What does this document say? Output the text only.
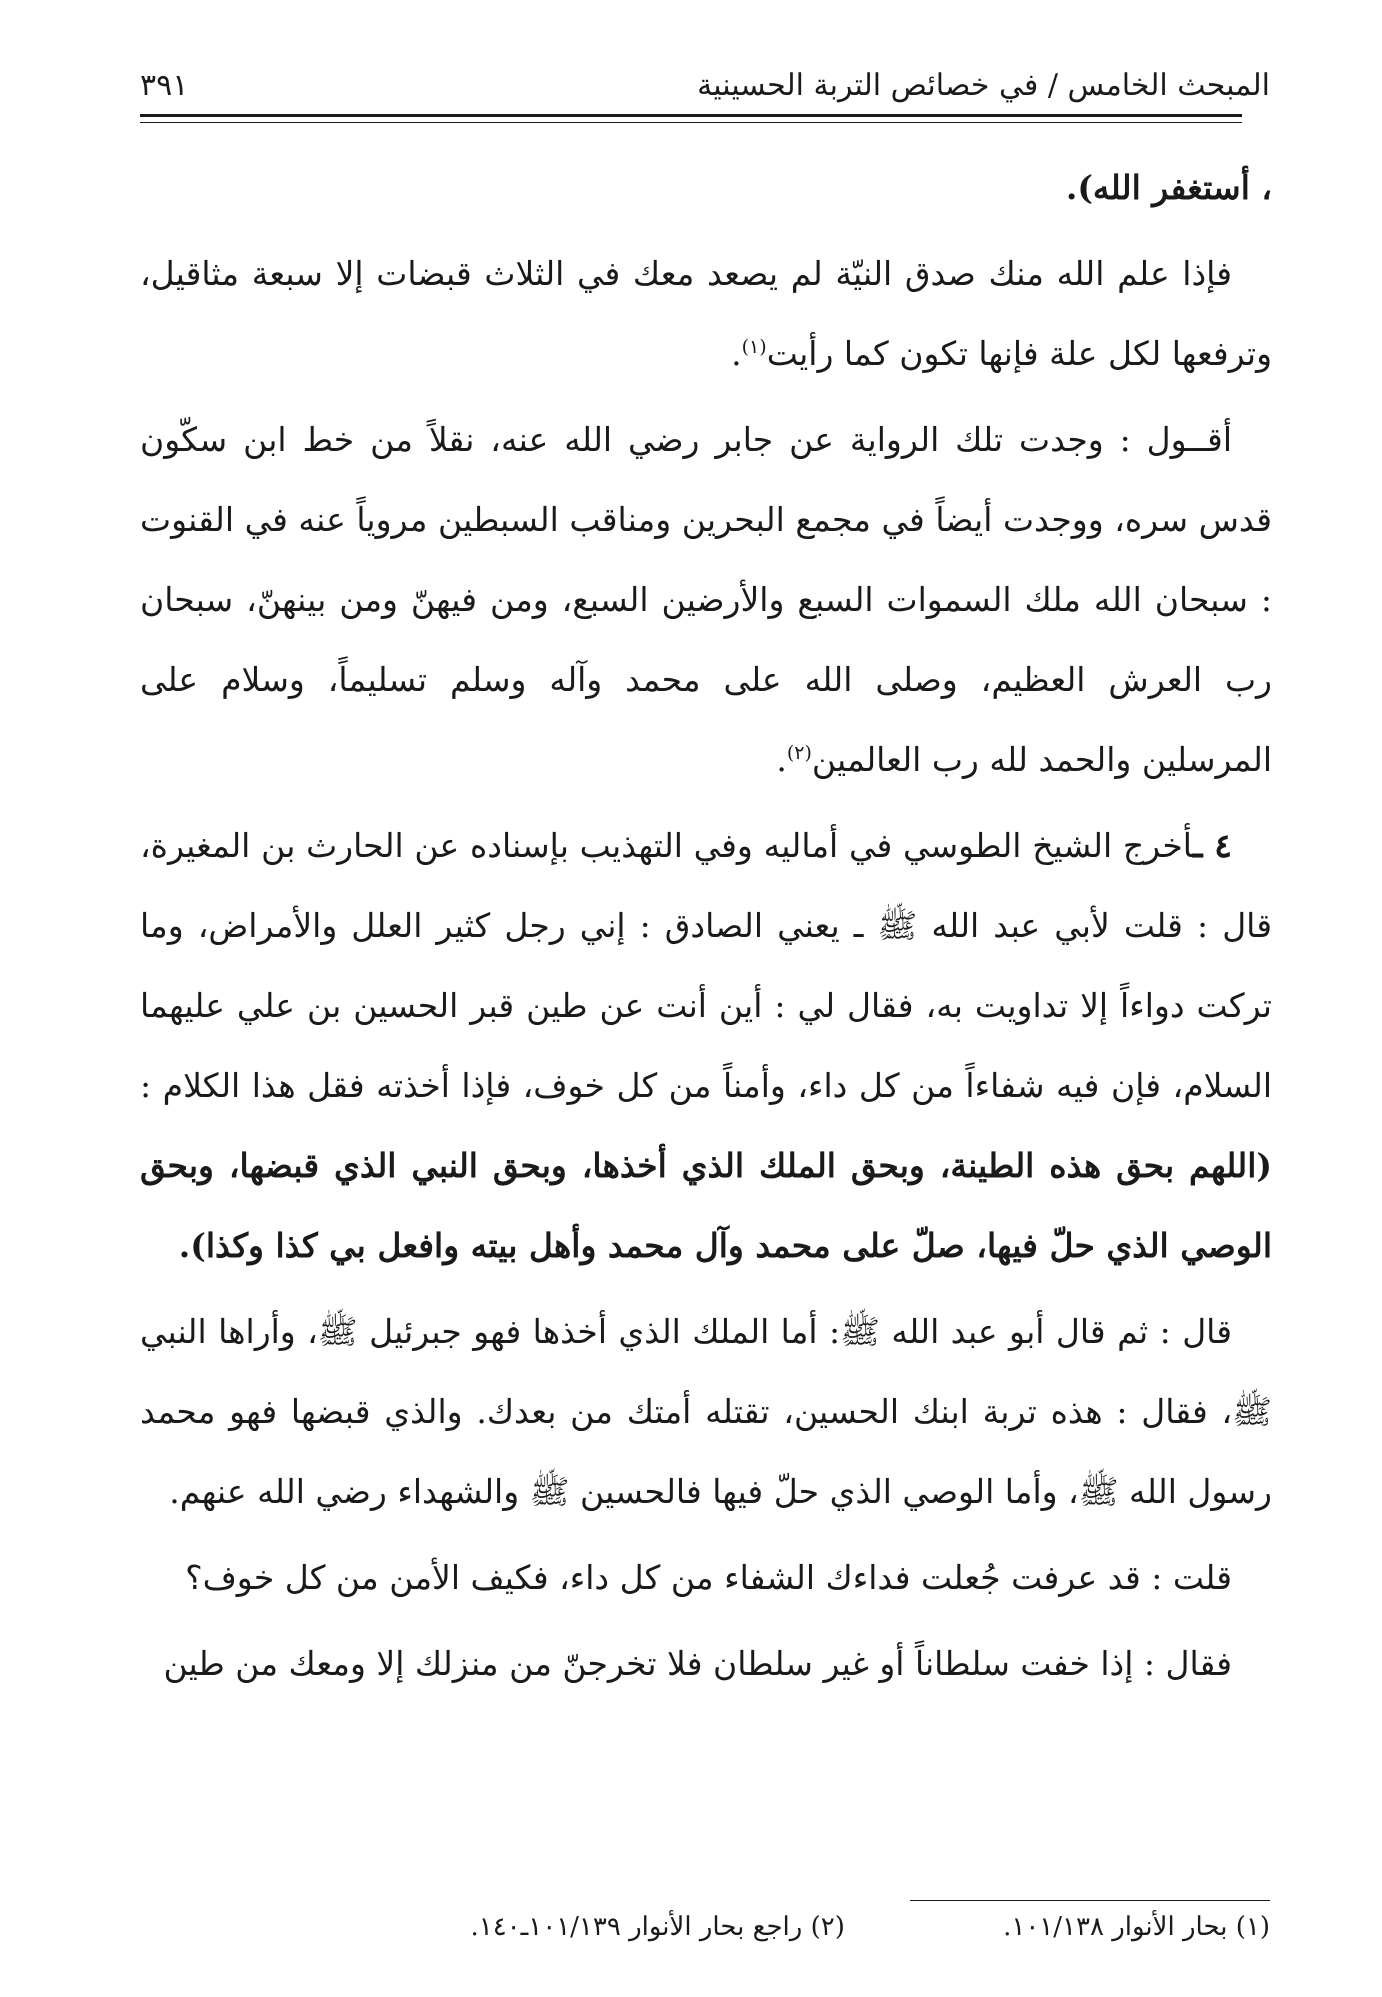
المبحث الخامس / في خصائص التربة الحسينية
٣٩١

، أستغفر الله).

فإذا علم الله منك صدق النيّة لم يصعد معك في الثلاث قبضات إلا سبعة مثاقيل، وترفعها لكل علة فإنها تكون كما رأيت$^{(١)}$.

أقــول : وجدت تلك الرواية عن جابر رضي الله عنه، نقلاً من خط ابن سكّون قدس سره، ووجدت أيضاً في مجمع البحرين ومناقب السبطين مروياً عنه في القنوت : سبحان الله ملك السموات السبع والأرضين السبع، ومن فيهنّ ومن بينهنّ، سبحان رب العرش العظيم، وصلى الله على محمد وآله وسلم تسليماً، وسلام على المرسلين والحمد لله رب العالمين$^{(٢)}$.

٤ ـأخرج الشيخ الطوسي في أماليه وفي التهذيب بإسناده عن الحارث بن المغيرة، قال : قلت لأبي عبد الله ﷺ ـ يعني الصادق : إني رجل كثير العلل والأمراض، وما تركت دواءاً إلا تداويت به، فقال لي : أين أنت عن طين قبر الحسين بن علي عليهما السلام، فإن فيه شفاءاً من كل داء، وأمناً من كل خوف، فإذا أخذته فقل هذا الكلام : (اللهم بحق هذه الطينة، وبحق الملك الذي أخذها، وبحق النبي الذي قبضها، وبحق الوصي الذي حلّ فيها، صلّ على محمد وآل محمد وأهل بيته وافعل بي كذا وكذا).

قال : ثم قال أبو عبد الله ﷺ: أما الملك الذي أخذها فهو جبرئيل ﷺ، وأراها النبي ﷺ، فقال : هذه تربة ابنك الحسين، تقتله أمتك من بعدك. والذي قبضها فهو محمد رسول الله ﷺ، وأما الوصي الذي حلّ فيها فالحسين ﷺ والشهداء رضي الله عنهم.

قلت : قد عرفت جُعلت فداءك الشفاء من كل داء، فكيف الأمن من كل خوف؟

فقال : إذا خفت سلطاناً أو غير سلطان فلا تخرجنّ من منزلك إلا ومعك من طين

(١) بحار الأنوار ١٠١/١٣٨. (٢) راجع بحار الأنوار ١٠١/١٣٩ـ١٤٠.
